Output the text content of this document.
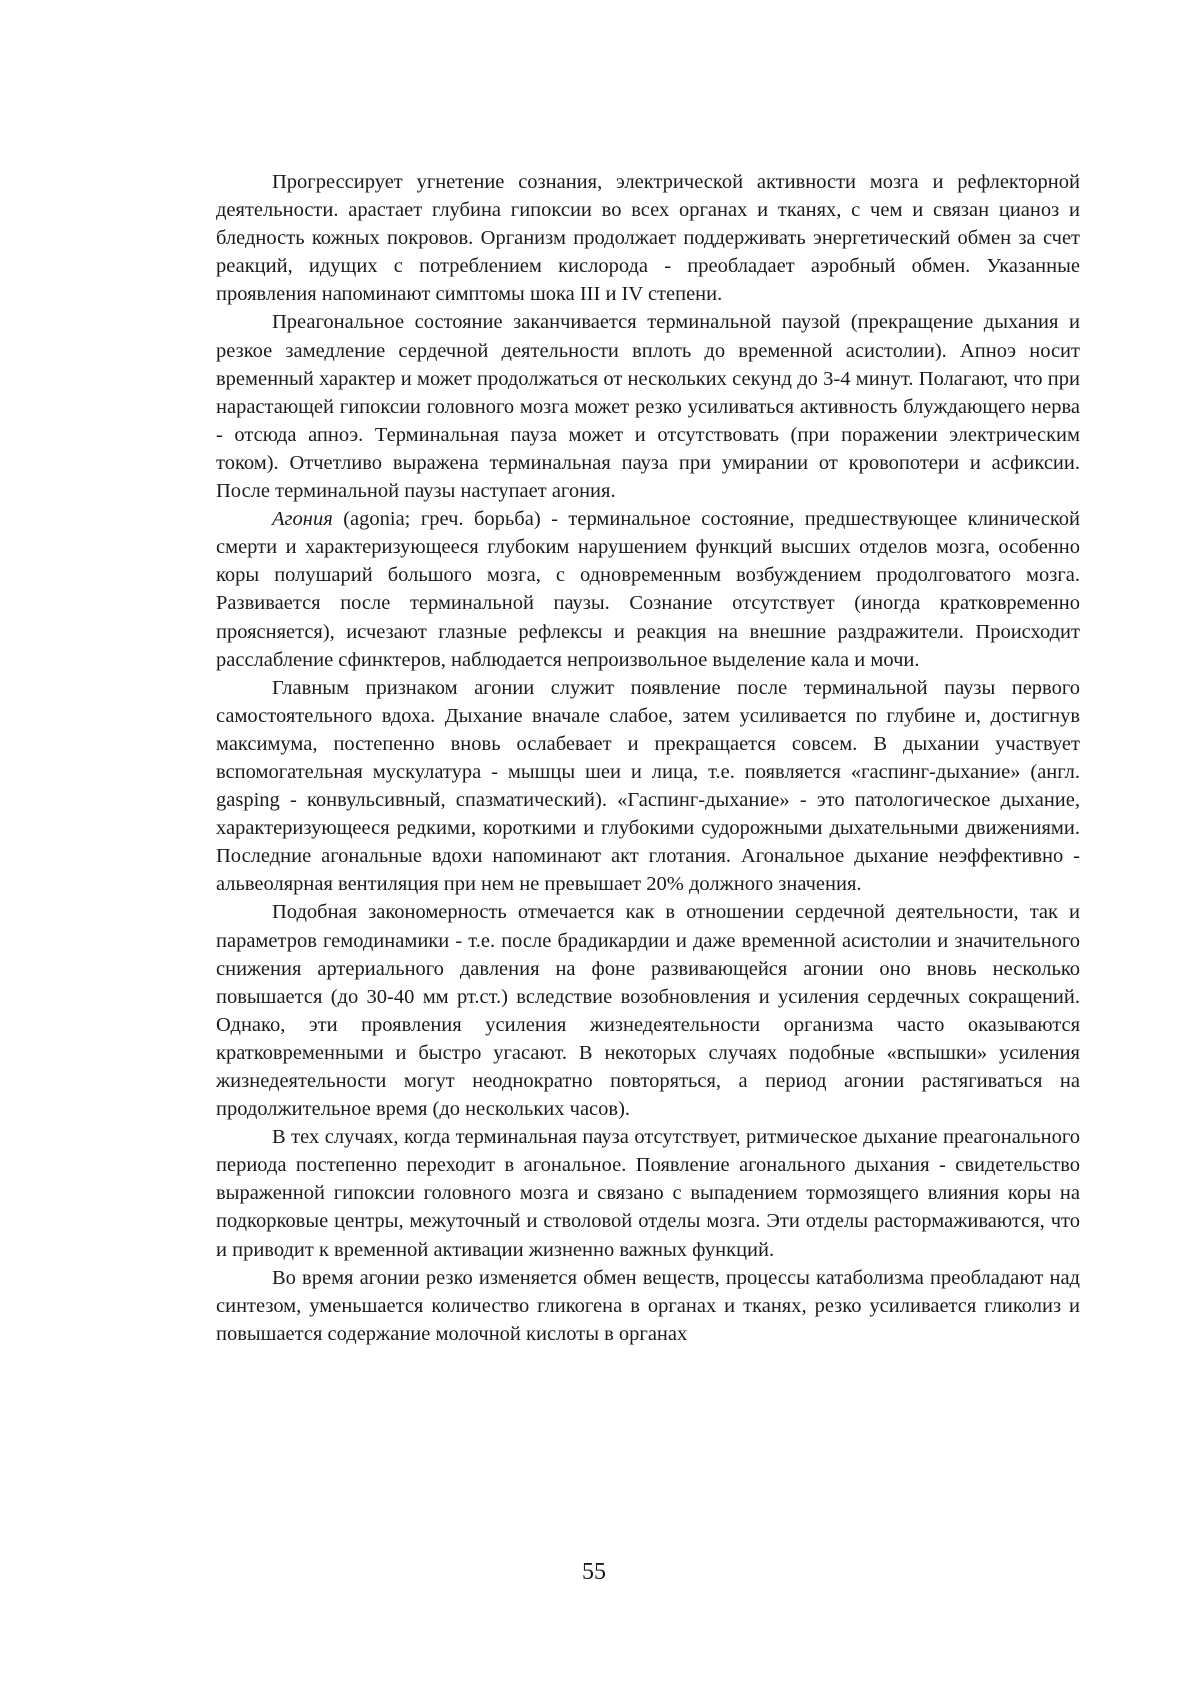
Прогрессирует угнетение сознания, электрической активности мозга и рефлекторной деятельности. арастает глубина гипоксии во всех органах и тканях, с чем и связан цианоз и бледность кожных покровов. Организм продолжает поддерживать энергетический обмен за счет реакций, идущих с потреблением кислорода - преобладает аэробный обмен. Указанные проявления напоминают симптомы шока III и IV степени.

Преагональное состояние заканчивается терминальной паузой (прекращение дыхания и резкое замедление сердечной деятельности вплоть до временной асистолии). Апноэ носит временный характер и может продолжаться от нескольких секунд до 3-4 минут. Полагают, что при нарастающей гипоксии головного мозга может резко усиливаться активность блуждающего нерва - отсюда апноэ. Терминальная пауза может и отсутствовать (при поражении электрическим током). Отчетливо выражена терминальная пауза при умирании от кровопотери и асфиксии. После терминальной паузы наступает агония.

Агония (agonia; греч. борьба) - терминальное состояние, предшествующее клинической смерти и характеризующееся глубоким нарушением функций высших отделов мозга, особенно коры полушарий большого мозга, с одновременным возбуждением продолговатого мозга. Развивается после терминальной паузы. Сознание отсутствует (иногда кратковременно проясняется), исчезают глазные рефлексы и реакция на внешние раздражители. Происходит расслабление сфинктеров, наблюдается непроизвольное выделение кала и мочи.

Главным признаком агонии служит появление после терминальной паузы первого самостоятельного вдоха. Дыхание вначале слабое, затем усиливается по глубине и, достигнув максимума, постепенно вновь ослабевает и прекращается совсем. В дыхании участвует вспомогательная мускулатура - мышцы шеи и лица, т.е. появляется «гаспинг-дыхание» (англ. gasping - конвульсивный, спазматический). «Гаспинг-дыхание» - это патологическое дыхание, характеризующееся редкими, короткими и глубокими судорожными дыхательными движениями. Последние агональные вдохи напоминают акт глотания. Агональное дыхание неэффективно - альвеолярная вентиляция при нем не превышает 20% должного значения.

Подобная закономерность отмечается как в отношении сердечной деятельности, так и параметров гемодинамики - т.е. после брадикардии и даже временной асистолии и значительного снижения артериального давления на фоне развивающейся агонии оно вновь несколько повышается (до 30-40 мм рт.ст.) вследствие возобновления и усиления сердечных сокращений. Однако, эти проявления усиления жизнедеятельности организма часто оказываются кратковременными и быстро угасают. В некоторых случаях подобные «вспышки» усиления жизнедеятельности могут неоднократно повторяться, а период агонии растягиваться на продолжительное время (до нескольких часов).

В тех случаях, когда терминальная пауза отсутствует, ритмическое дыхание преагонального периода постепенно переходит в агональное. Появление агонального дыхания - свидетельство выраженной гипоксии головного мозга и связано с выпадением тормозящего влияния коры на подкорковые центры, межуточный и стволовой отделы мозга. Эти отделы растормаживаются, что и приводит к временной активации жизненно важных функций.

Во время агонии резко изменяется обмен веществ, процессы катаболизма преобладают над синтезом, уменьшается количество гликогена в органах и тканях, резко усиливается гликолиз и повышается содержание молочной кислоты в органах

55
